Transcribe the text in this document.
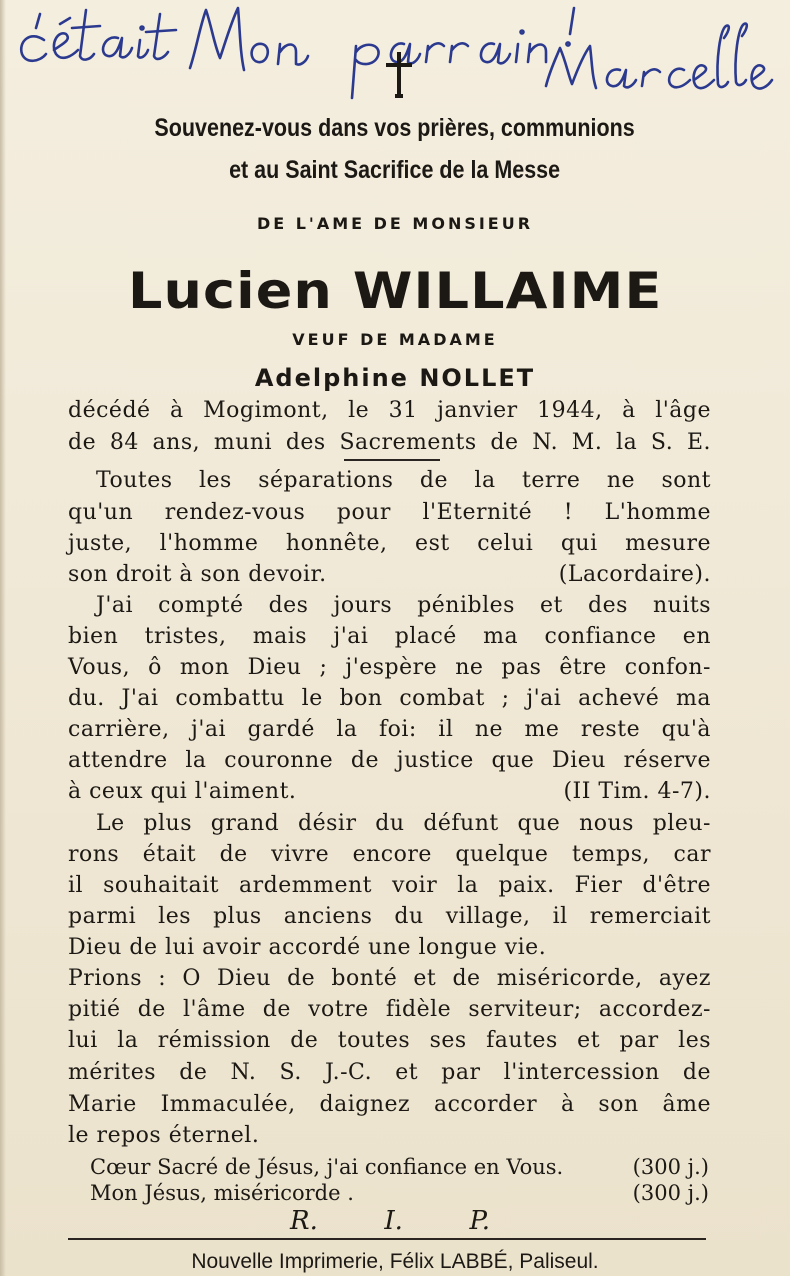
Souvenez-vous dans vos prières, communions
et au Saint Sacrifice de la Messe
DE L'AME DE MONSIEUR
Lucien WILLAIME
VEUF DE MADAME
Adelphine NOLLET
décédé à Mogimont, le 31 janvier 1944, à l'âge
de 84 ans, muni des Sacrements de N. M. la S. E.
Toutes les séparations de la terre ne sont
qu'un rendez-vous pour l'Eternité ! L'homme
juste, l'homme honnête, est celui qui mesure
son droit à son devoir.	(Lacordaire).
J'ai compté des jours pénibles et des nuits
bien tristes, mais j'ai placé ma confiance en
Vous, ô mon Dieu ; j'espère ne pas être confon-
du. J'ai combattu le bon combat ; j'ai achevé ma
carrière, j'ai gardé la foi: il ne me reste qu'à
attendre la couronne de justice que Dieu réserve
à ceux qui l'aiment.	(II Tim. 4-7).
Le plus grand désir du défunt que nous pleu-
rons était de vivre encore quelque temps, car
il souhaitait ardemment voir la paix. Fier d'être
parmi les plus anciens du village, il remerciait
Dieu de lui avoir accordé une longue vie.
Prions : O Dieu de bonté et de miséricorde, ayez
pitié de l'âme de votre fidèle serviteur; accordez-
lui la rémission de toutes ses fautes et par les
mérites de N. S. J.-C. et par l'intercession de
Marie Immaculée, daignez accorder à son âme
le repos éternel.
Cœur Sacré de Jésus, j'ai confiance en Vous.	(300 j.)
Mon Jésus, miséricorde .	(300 j.)
R.	I.	P.
Nouvelle Imprimerie, Félix LABBÉ, Paliseul.
